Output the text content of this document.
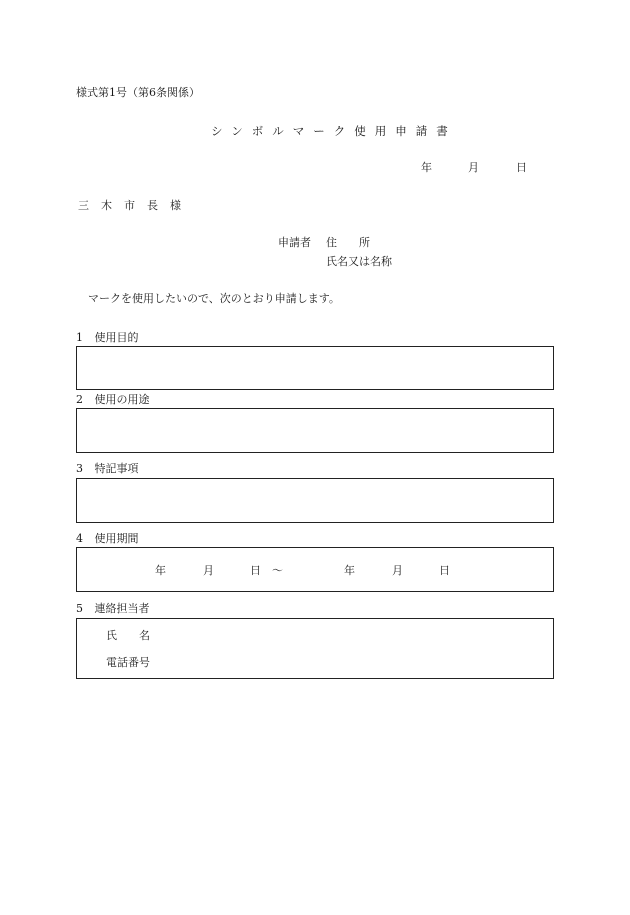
様式第1号（第6条関係）
シンボルマーク使用申請書
年	月	日
三木市長様
申請者 住　　所
氏名又は名称
マークを使用したいので、次のとおり申請します。
1 使用目的
2 使用の用途
3 特記事項
4 使用期間
年	月	日 ～	年	月	日
5 連絡担当者
氏　　名
電話番号
